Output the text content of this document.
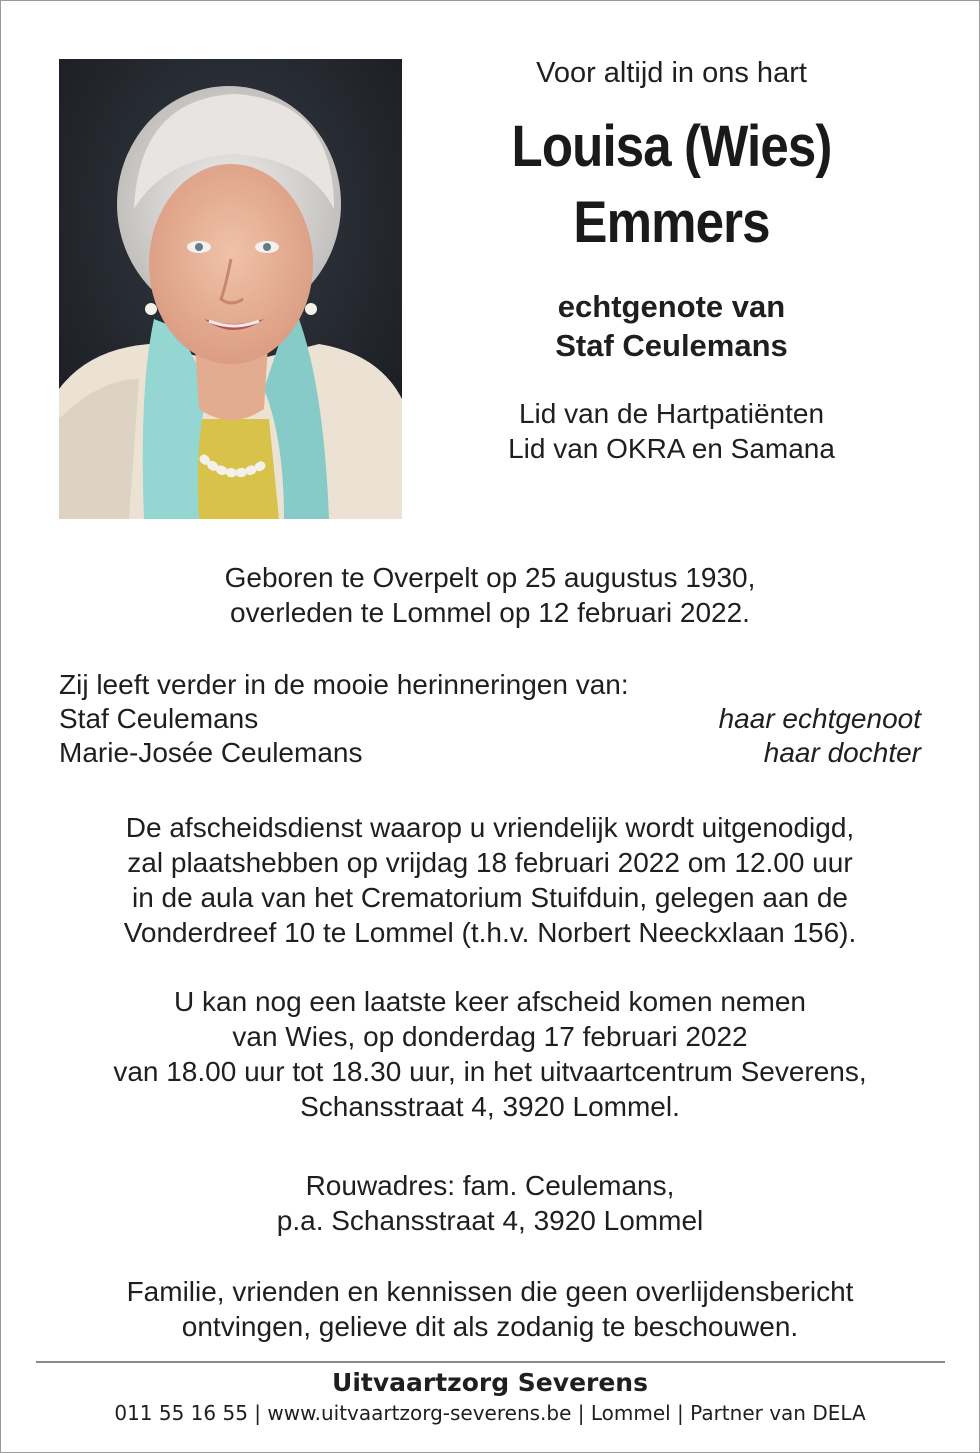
Voor altijd in ons hart
Louisa (Wies)
Emmers
echtgenote van
Staf Ceulemans
Lid van de Hartpatiënten
Lid van OKRA en Samana
Geboren te Overpelt op 25 augustus 1930,
overleden te Lommel op 12 februari 2022.
Zij leeft verder in de mooie herinneringen van:
Staf Ceulemans	haar echtgenoot
Marie-Josée Ceulemans	haar dochter
De afscheidsdienst waarop u vriendelijk wordt uitgenodigd,
zal plaatshebben op vrijdag 18 februari 2022 om 12.00 uur
in de aula van het Crematorium Stuifduin, gelegen aan de
Vonderdreef 10 te Lommel (t.h.v. Norbert Neeckxlaan 156).
U kan nog een laatste keer afscheid komen nemen
van Wies, op donderdag 17 februari 2022
van 18.00 uur tot 18.30 uur, in het uitvaartcentrum Severens,
Schansstraat 4, 3920 Lommel.
Rouwadres: fam. Ceulemans,
p.a. Schansstraat 4, 3920 Lommel
Familie, vrienden en kennissen die geen overlijdensbericht
ontvingen, gelieve dit als zodanig te beschouwen.
Uitvaartzorg Severens
011 55 16 55 | www.uitvaartzorg-severens.be | Lommel | Partner van DELA
